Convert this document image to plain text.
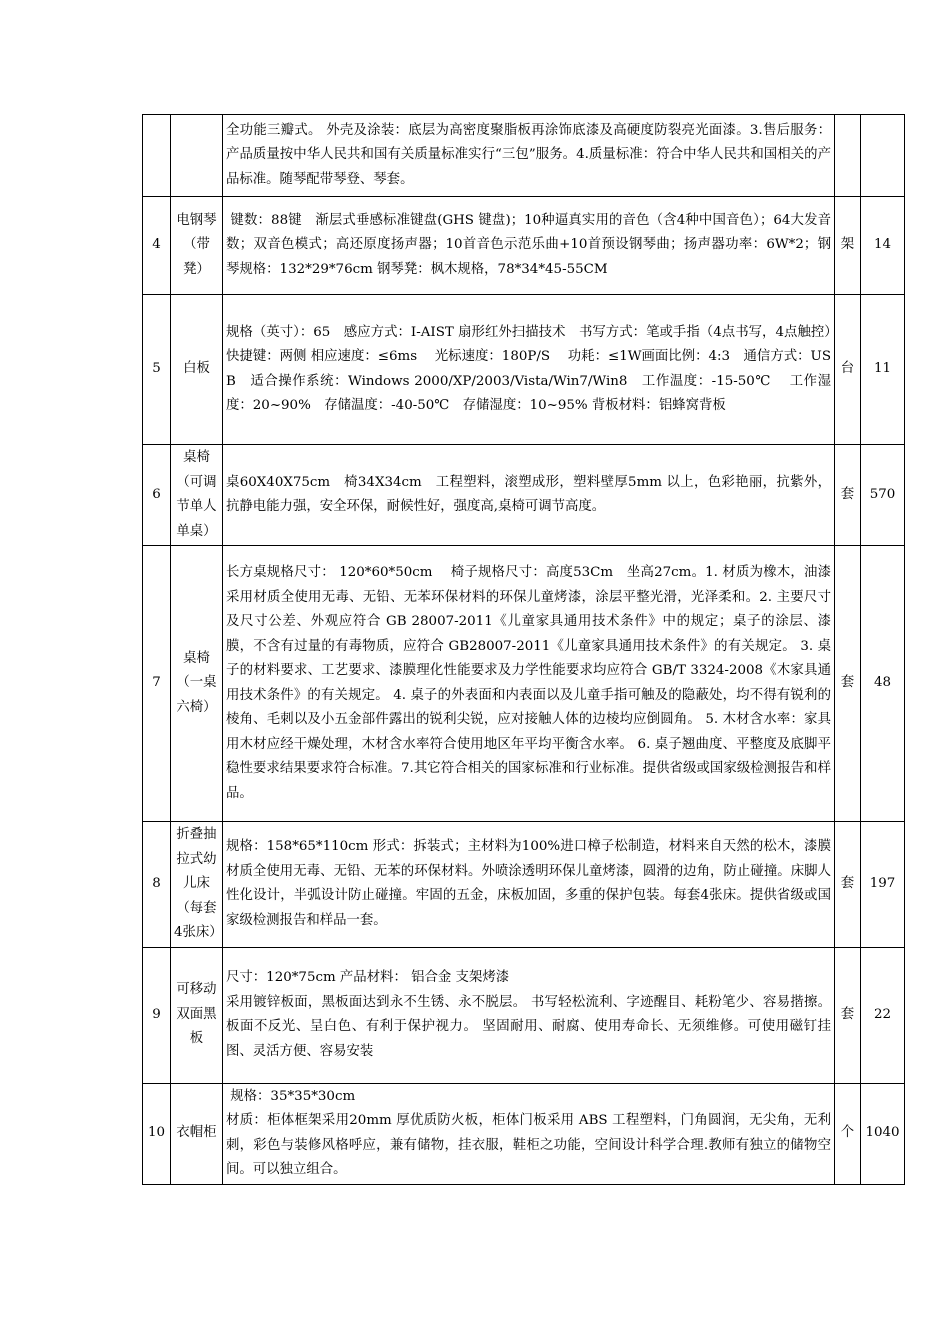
		全功能三瓣式。 外壳及涂装：底层为高密度聚脂板再涂饰底漆及高硬度防裂亮光面漆。3.售后服务：产品质量按中华人民共和国有关质量标准实行“三包”服务。4.质量标准：符合中华人民共和国相关的产品标准。随琴配带琴登、琴套。		
4	电钢琴（带凳）	键数：88键　渐层式垂感标准键盘(GHS 键盘)；10种逼真实用的音色（含4种中国音色）；64大发音数；双音色模式；高还原度扬声器；10首音色示范乐曲+10首预设钢琴曲；扬声器功率：6W*2；钢琴规格：132*29*76cm 钢琴凳：枫木规格，78*34*45-55CM	架	14
5	白板	规格（英寸）：65　感应方式：I-AIST 扇形红外扫描技术　书写方式：笔或手指（4点书写，4点触控）　 快捷键：两侧 相应速度：≤6ms　 光标速度：180P/S　 功耗：≤1W画面比例：4:3　通信方式：USB　适合操作系统：Windows 2000/XP/2003/Vista/Win7/Win8　工作温度：-15-50℃　 工作湿度：20~90%　存储温度：-40-50℃　存储湿度：10~95% 背板材料：铝蜂窝背板	台	11
6	桌椅（可调节单人单桌）	桌60X40X75cm　椅34X34cm　工程塑料，滚塑成形，塑料壁厚5mm 以上，色彩艳丽，抗紫外，抗静电能力强，安全环保，耐候性好，强度高,桌椅可调节高度。	套	570
7	桌椅（一桌六椅）	长方桌规格尺寸： 120*60*50cm　 椅子规格尺寸：高度53Cm　坐高27cm。1. 材质为橡木，油漆采用材质全使用无毒、无铅、无苯环保材料的环保儿童烤漆，涂层平整光滑，光泽柔和。2. 主要尺寸及尺寸公差、外观应符合 GB 28007-2011《儿童家具通用技术条件》中的规定；桌子的涂层、漆膜，不含有过量的有毒物质，应符合 GB28007-2011《儿童家具通用技术条件》的有关规定。 3. 桌子的材料要求、工艺要求、漆膜理化性能要求及力学性能要求均应符合 GB/T 3324-2008《木家具通用技术条件》的有关规定。 4. 桌子的外表面和内表面以及儿童手指可触及的隐蔽处，均不得有锐利的棱角、毛刺以及小五金部件露出的锐利尖锐，应对接触人体的边棱均应倒圆角。 5. 木材含水率：家具用木材应经干燥处理，木材含水率符合使用地区年平均平衡含水率。 6. 桌子翘曲度、平整度及底脚平稳性要求结果要求符合标准。7.其它符合相关的国家标准和行业标准。提供省级或国家级检测报告和样品。	套	48
8	折叠抽拉式幼儿床（每套4张床）	规格：158*65*110cm 形式：拆装式；主材料为100%进口樟子松制造，材料来自天然的松木，漆膜材质全使用无毒、无铅、无苯的环保材料。外喷涂透明环保儿童烤漆，圆滑的边角，防止碰撞。床脚人性化设计，半弧设计防止碰撞。牢固的五金，床板加固，多重的保护包装。每套4张床。提供省级或国家级检测报告和样品一套。	套	197
9	可移动双面黑板	尺寸：120*75cm 产品材料： 铝合金 支架烤漆
采用镀锌板面，黑板面达到永不生锈、永不脱层。 书写轻松流利、字迹醒目、耗粉笔少、容易揩擦。 板面不反光、呈白色、有利于保护视力。 坚固耐用、耐腐、使用寿命长、无须维修。可使用磁钉挂图、灵活方便、容易安装	套	22
10	衣帽柜	规格：35*35*30cm
材质：柜体框架采用20mm 厚优质防火板，柜体门板采用 ABS 工程塑料，门角圆润，无尖角，无利刺，彩色与装修风格呼应，兼有储物，挂衣服，鞋柜之功能，空间设计科学合理.教师有独立的储物空间。可以独立组合。	个	1040
